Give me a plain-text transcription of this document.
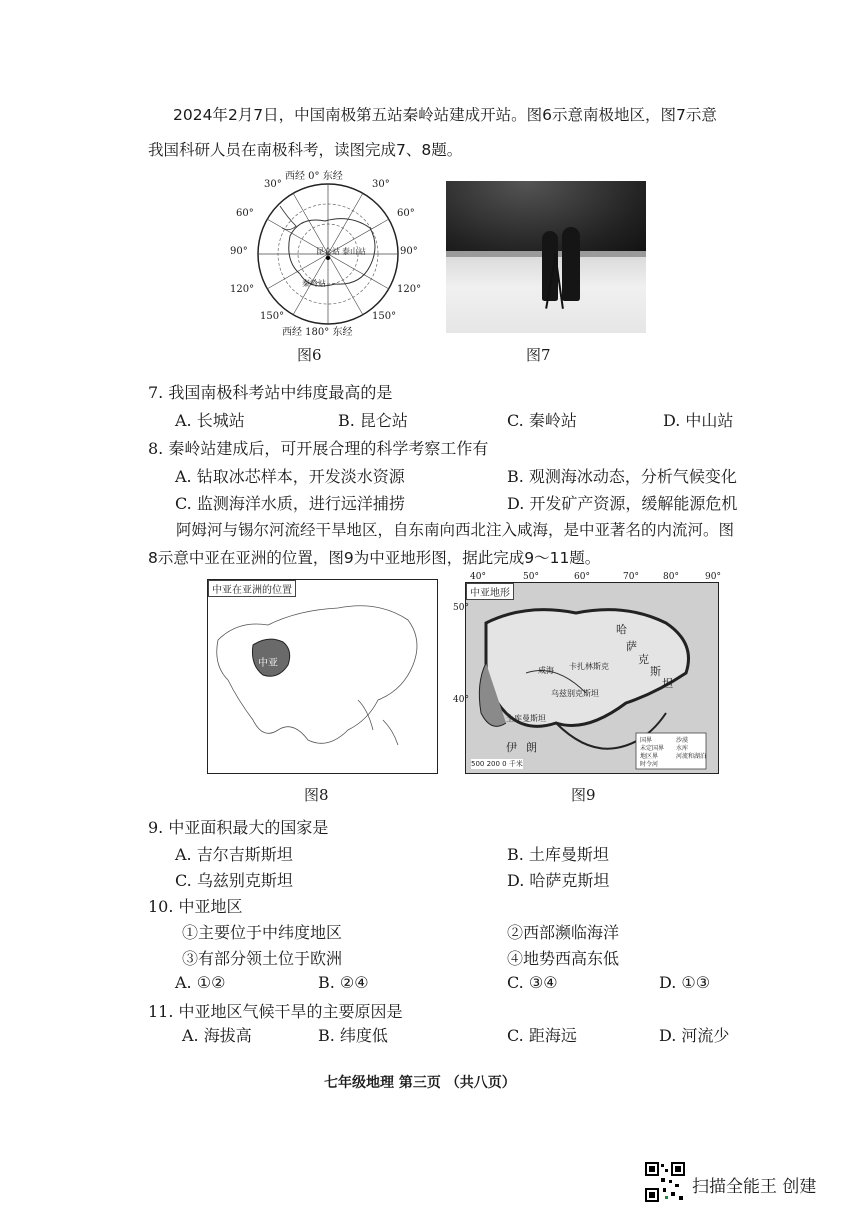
2024年2月7日，中国南极第五站秦岭站建成开站。图6示意南极地区，图7示意
我国科研人员在南极科考，读图完成7、8题。
西经 0° 东经
30°	30°
60°	60°
90°	90°
120°	120°
150°	150°
西经 180° 东经
昆仑站 泰山站
秦岭站
图6	图7
7. 我国南极科考站中纬度最高的是
A. 长城站	B. 昆仑站	C. 秦岭站	D. 中山站
8. 秦岭站建成后，可开展合理的科学考察工作有
A. 钻取冰芯样本，开发淡水资源	B. 观测海冰动态，分析气候变化
C. 监测海洋水质，进行远洋捕捞	D. 开发矿产资源，缓解能源危机
阿姆河与锡尔河流经干旱地区，自东南向西北注入咸海，是中亚著名的内流河。图
8示意中亚在亚洲的位置，图9为中亚地形图，据此完成9～11题。
中亚在亚洲的位置
中亚
图8
中亚地形
哈
萨
克
斯
坦
卡扎林斯克
咸海
乌兹别克斯坦
土库曼斯坦
伊 朗
500 200 0 千米
国界
未定国界
地区界
沙漠
水库
河流和湖泊
时令河
40°	50°	60°	70°	80°	90°
50°
40°
图9
9. 中亚面积最大的国家是
A. 吉尔吉斯斯坦	B. 土库曼斯坦
C. 乌兹别克斯坦	D. 哈萨克斯坦
10. 中亚地区
①主要位于中纬度地区	②西部濒临海洋
③有部分领土位于欧洲	④地势西高东低
A. ①②	B. ②④	C. ③④	D. ①③
11. 中亚地区气候干旱的主要原因是
A. 海拔高	B. 纬度低	C. 距海远	D. 河流少
七年级地理 第三页 （共八页）
扫描全能王 创建
